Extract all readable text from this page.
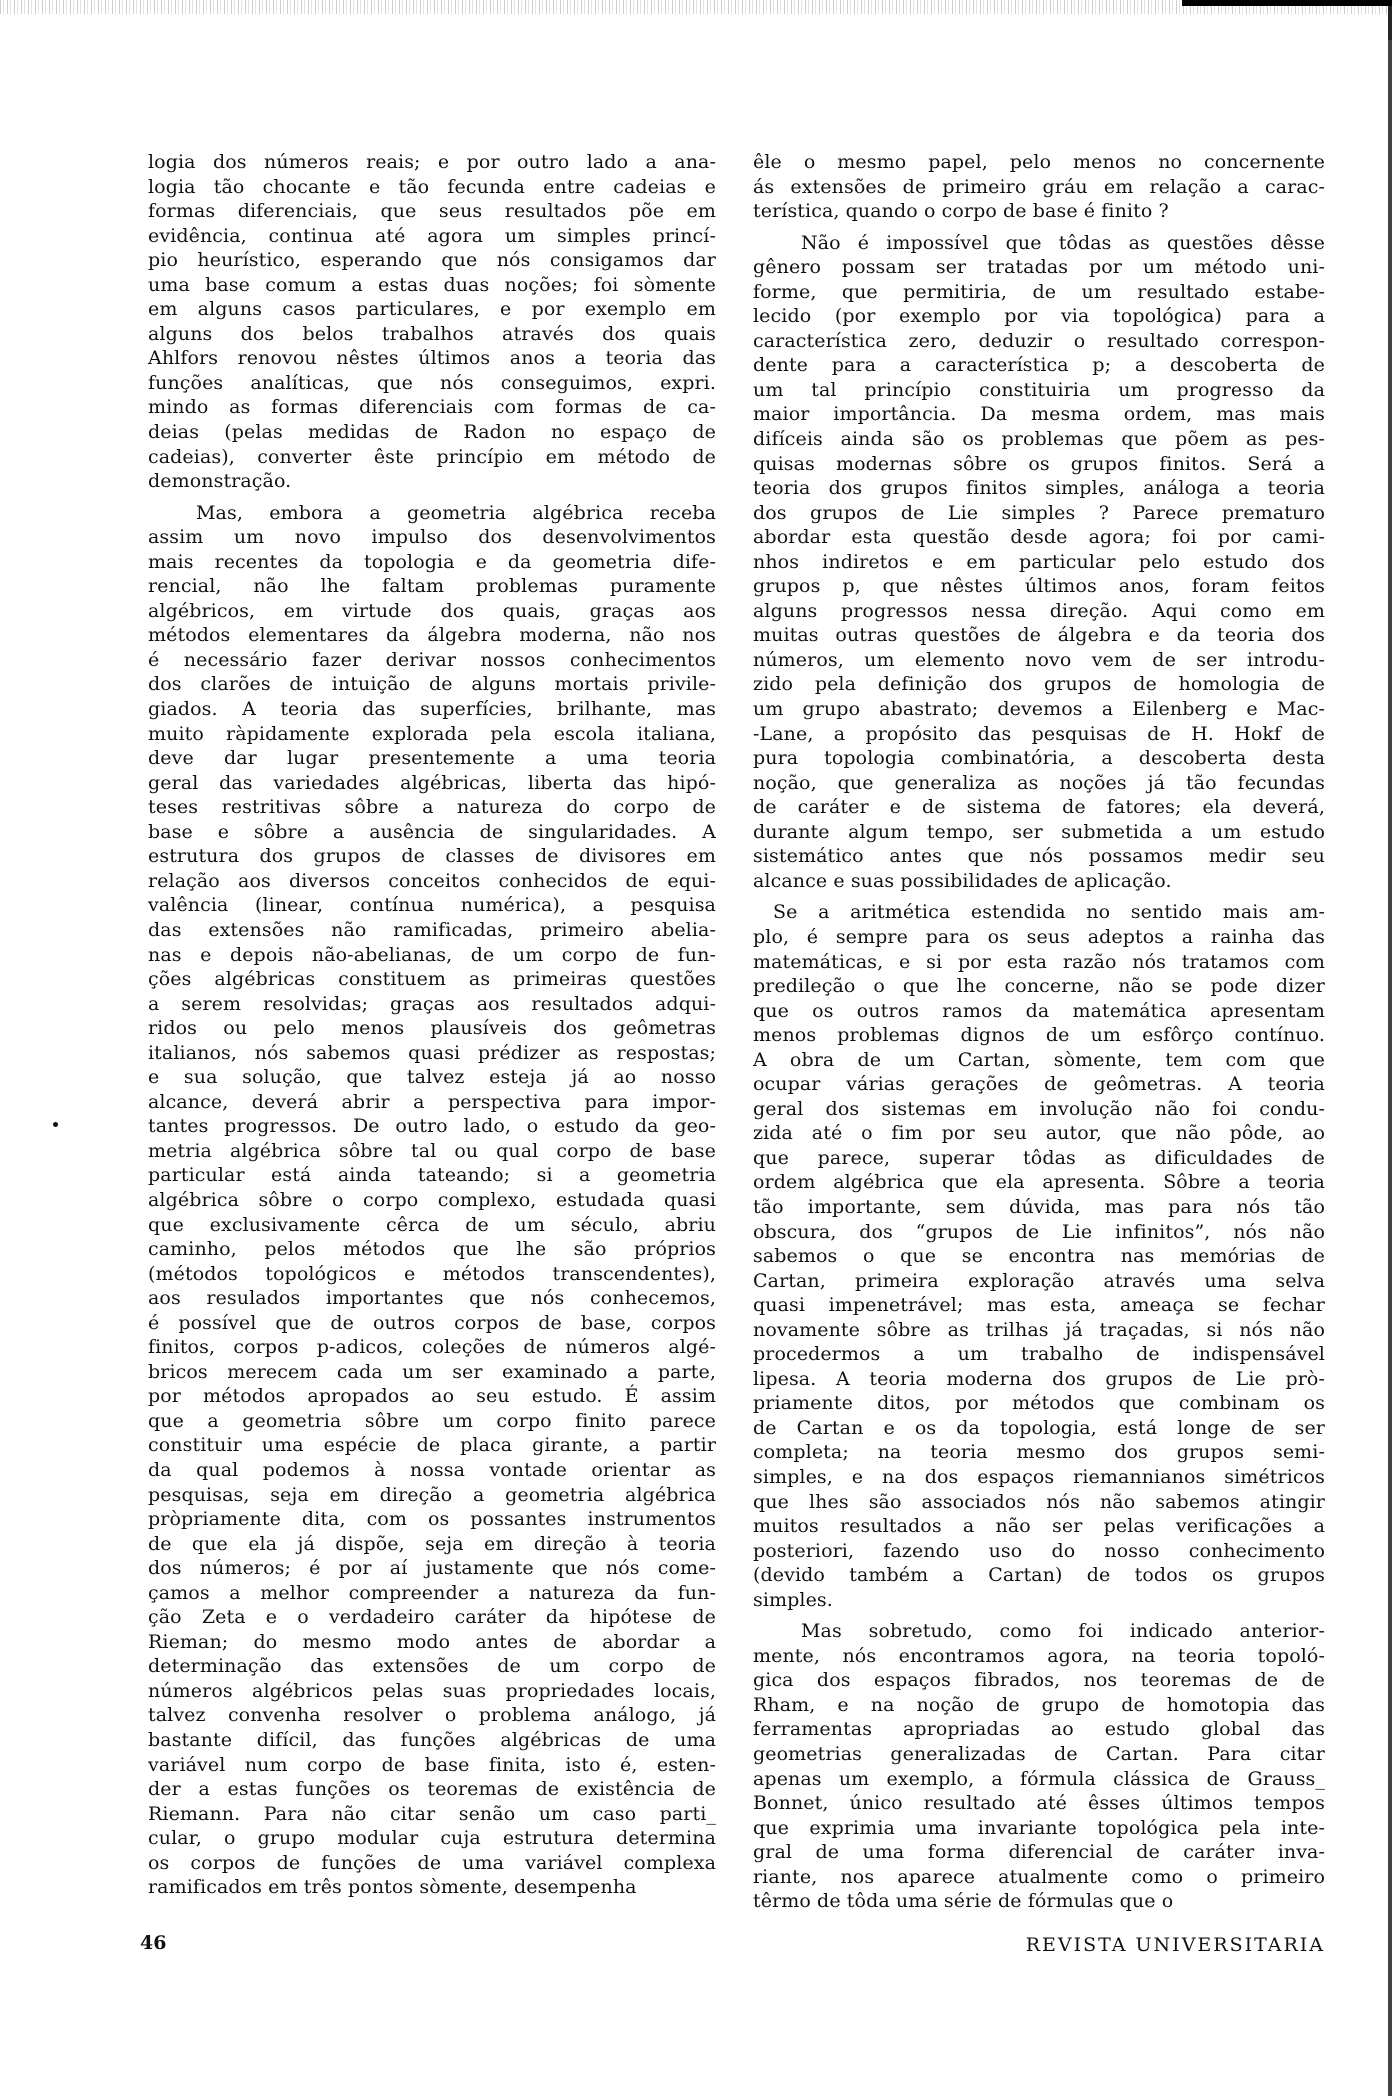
logia dos números reais; e por outro lado a ana-
logia tão chocante e tão fecunda entre cadeias e
formas diferenciais, que seus resultados põe em
evidência, continua até agora um simples princí-
pio heurístico, esperando que nós consigamos dar
uma base comum a estas duas noções; foi sòmente
em alguns casos particulares, e por exemplo em
alguns dos belos trabalhos através dos quais
Ahlfors renovou nêstes últimos anos a teoria das
funções analíticas, que nós conseguimos, expri.
mindo as formas diferenciais com formas de ca-
deias (pelas medidas de Radon no espaço de
cadeias), converter êste princípio em método de
demonstração.
Mas, embora a geometria algébrica receba
assim um novo impulso dos desenvolvimentos
mais recentes da topologia e da geometria dife-
rencial, não lhe faltam problemas puramente
algébricos, em virtude dos quais, graças aos
métodos elementares da álgebra moderna, não nos
é necessário fazer derivar nossos conhecimentos
dos clarões de intuição de alguns mortais privile-
giados. A teoria das superfícies, brilhante, mas
muito ràpidamente explorada pela escola italiana,
deve dar lugar presentemente a uma teoria
geral das variedades algébricas, liberta das hipó-
teses restritivas sôbre a natureza do corpo de
base e sôbre a ausência de singularidades. A
estrutura dos grupos de classes de divisores em
relação aos diversos conceitos conhecidos de equi-
valência (linear, contínua numérica), a pesquisa
das extensões não ramificadas, primeiro abelia-
nas e depois não-abelianas, de um corpo de fun-
ções algébricas constituem as primeiras questões
a serem resolvidas; graças aos resultados adqui-
ridos ou pelo menos plausíveis dos geômetras
italianos, nós sabemos quasi prédizer as respostas;
e sua solução, que talvez esteja já ao nosso
alcance, deverá abrir a perspectiva para impor-
tantes progressos. De outro lado, o estudo da geo-
metria algébrica sôbre tal ou qual corpo de base
particular está ainda tateando; si a geometria
algébrica sôbre o corpo complexo, estudada quasi
que exclusivamente cêrca de um século, abriu
caminho, pelos métodos que lhe são próprios
(métodos topológicos e métodos transcendentes),
aos resulados importantes que nós conhecemos,
é possível que de outros corpos de base, corpos
finitos, corpos p-adicos, coleções de números algé-
bricos merecem cada um ser examinado a parte,
por métodos apropados ao seu estudo. É assim
que a geometria sôbre um corpo finito parece
constituir uma espécie de placa girante, a partir
da qual podemos à nossa vontade orientar as
pesquisas, seja em direção a geometria algébrica
pròpriamente dita, com os possantes instrumentos
de que ela já dispõe, seja em direção à teoria
dos números; é por aí justamente que nós come-
çamos a melhor compreender a natureza da fun-
ção Zeta e o verdadeiro caráter da hipótese de
Rieman; do mesmo modo antes de abordar a
determinação das extensões de um corpo de
números algébricos pelas suas propriedades locais,
talvez convenha resolver o problema análogo, já
bastante difícil, das funções algébricas de uma
variável num corpo de base finita, isto é, esten-
der a estas funções os teoremas de existência de
Riemann. Para não citar senão um caso parti_
cular, o grupo modular cuja estrutura determina
os corpos de funções de uma variável complexa
ramificados em três pontos sòmente, desempenha
êle o mesmo papel, pelo menos no concernente
ás extensões de primeiro gráu em relação a carac-
terística, quando o corpo de base é finito ?
Não é impossível que tôdas as questões dêsse
gênero possam ser tratadas por um método uni-
forme, que permitiria, de um resultado estabe-
lecido (por exemplo por via topológica) para a
característica zero, deduzir o resultado correspon-
dente para a característica p; a descoberta de
um tal princípio constituiria um progresso da
maior importância. Da mesma ordem, mas mais
difíceis ainda são os problemas que põem as pes-
quisas modernas sôbre os grupos finitos. Será a
teoria dos grupos finitos simples, análoga a teoria
dos grupos de Lie simples ? Parece prematuro
abordar esta questão desde agora; foi por cami-
nhos indiretos e em particular pelo estudo dos
grupos p, que nêstes últimos anos, foram feitos
alguns progressos nessa direção. Aqui como em
muitas outras questões de álgebra e da teoria dos
números, um elemento novo vem de ser introdu-
zido pela definição dos grupos de homologia de
um grupo abastrato; devemos a Eilenberg e Mac-
-Lane, a propósito das pesquisas de H. Hokf de
pura topologia combinatória, a descoberta desta
noção, que generaliza as noções já tão fecundas
de caráter e de sistema de fatores; ela deverá,
durante algum tempo, ser submetida a um estudo
sistemático antes que nós possamos medir seu
alcance e suas possibilidades de aplicação.
Se a aritmética estendida no sentido mais am-
plo, é sempre para os seus adeptos a rainha das
matemáticas, e si por esta razão nós tratamos com
predileção o que lhe concerne, não se pode dizer
que os outros ramos da matemática apresentam
menos problemas dignos de um esfôrço contínuo.
A obra de um Cartan, sòmente, tem com que
ocupar várias gerações de geômetras. A teoria
geral dos sistemas em involução não foi condu-
zida até o fim por seu autor, que não pôde, ao
que parece, superar tôdas as dificuldades de
ordem algébrica que ela apresenta. Sôbre a teoria
tão importante, sem dúvida, mas para nós tão
obscura, dos “grupos de Lie infinitos”, nós não
sabemos o que se encontra nas memórias de
Cartan, primeira exploração através uma selva
quasi impenetrável; mas esta, ameaça se fechar
novamente sôbre as trilhas já traçadas, si nós não
procedermos a um trabalho de indispensável
lipesa. A teoria moderna dos grupos de Lie prò-
priamente ditos, por métodos que combinam os
de Cartan e os da topologia, está longe de ser
completa; na teoria mesmo dos grupos semi-
simples, e na dos espaços riemannianos simétricos
que lhes são associados nós não sabemos atingir
muitos resultados a não ser pelas verificações a
posteriori, fazendo uso do nosso conhecimento
(devido também a Cartan) de todos os grupos
simples.
Mas sobretudo, como foi indicado anterior-
mente, nós encontramos agora, na teoria topoló-
gica dos espaços fibrados, nos teoremas de de
Rham, e na noção de grupo de homotopia das
ferramentas apropriadas ao estudo global das
geometrias generalizadas de Cartan. Para citar
apenas um exemplo, a fórmula clássica de Grauss_
Bonnet, único resultado até êsses últimos tempos
que exprimia uma invariante topológica pela inte-
gral de uma forma diferencial de caráter inva-
riante, nos aparece atualmente como o primeiro
têrmo de tôda uma série de fórmulas que o
46	REVISTA UNIVERSITARIA
